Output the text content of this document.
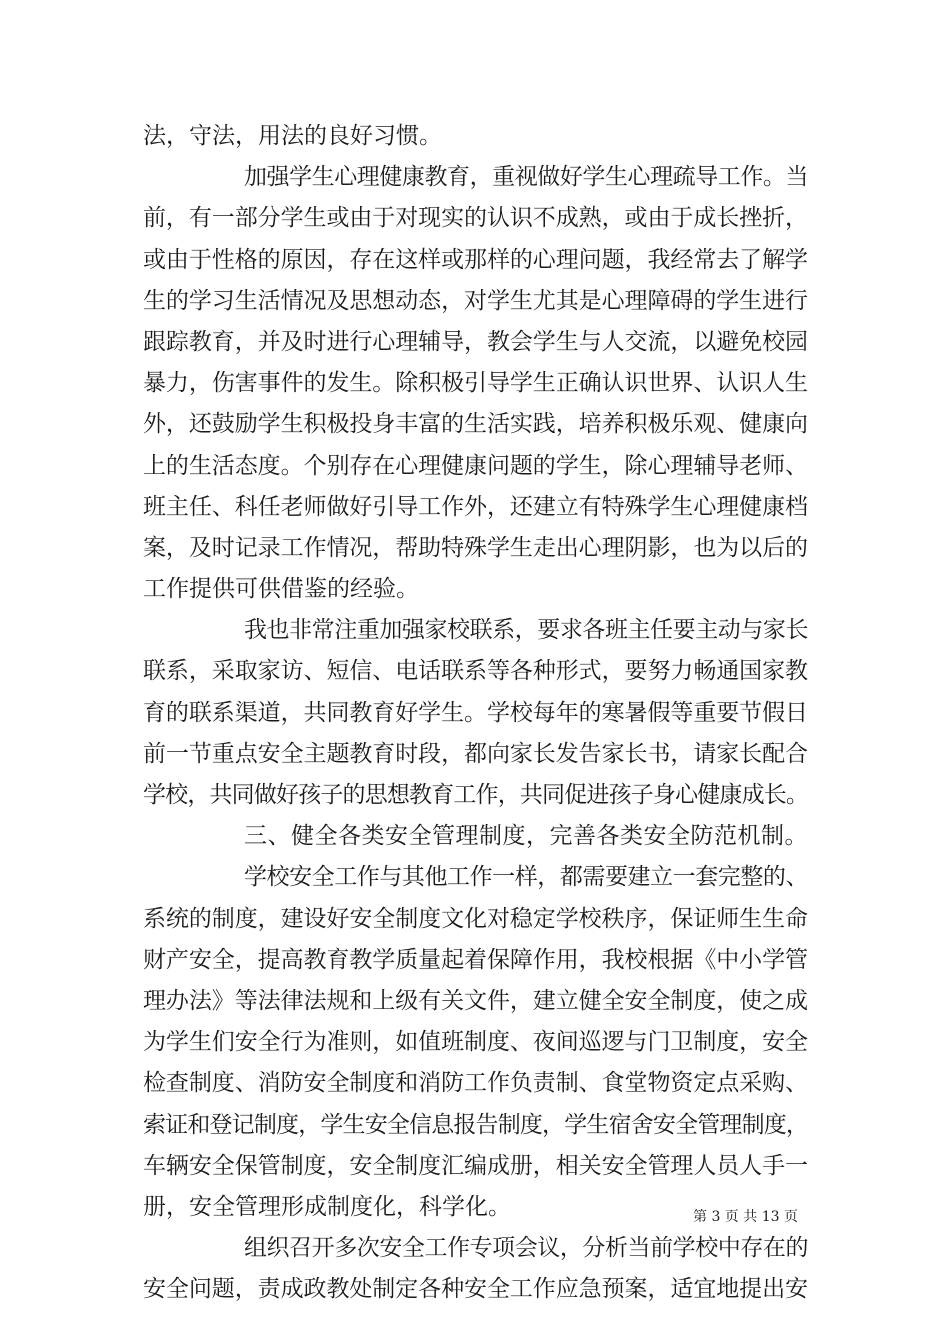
法，守法，用法的良好习惯。
加强学生心理健康教育，重视做好学生心理疏导工作。当
前，有一部分学生或由于对现实的认识不成熟，或由于成长挫折，
或由于性格的原因，存在这样或那样的心理问题，我经常去了解学
生的学习生活情况及思想动态，对学生尤其是心理障碍的学生进行
跟踪教育，并及时进行心理辅导，教会学生与人交流，以避免校园
暴力，伤害事件的发生。除积极引导学生正确认识世界、认识人生
外，还鼓励学生积极投身丰富的生活实践，培养积极乐观、健康向
上的生活态度。个别存在心理健康问题的学生，除心理辅导老师、
班主任、科任老师做好引导工作外，还建立有特殊学生心理健康档
案，及时记录工作情况，帮助特殊学生走出心理阴影，也为以后的
工作提供可供借鉴的经验。
我也非常注重加强家校联系，要求各班主任要主动与家长
联系，采取家访、短信、电话联系等各种形式，要努力畅通国家教
育的联系渠道，共同教育好学生。学校每年的寒暑假等重要节假日
前一节重点安全主题教育时段，都向家长发告家长书，请家长配合
学校，共同做好孩子的思想教育工作，共同促进孩子身心健康成长。
三、健全各类安全管理制度，完善各类安全防范机制。
学校安全工作与其他工作一样，都需要建立一套完整的、
系统的制度，建设好安全制度文化对稳定学校秩序，保证师生生命
财产安全，提高教育教学质量起着保障作用，我校根据《中小学管
理办法》等法律法规和上级有关文件，建立健全安全制度，使之成
为学生们安全行为准则，如值班制度、夜间巡逻与门卫制度，安全
检查制度、消防安全制度和消防工作负责制、食堂物资定点采购、
索证和登记制度，学生安全信息报告制度，学生宿舍安全管理制度，
车辆安全保管制度，安全制度汇编成册，相关安全管理人员人手一
册，安全管理形成制度化，科学化。
组织召开多次安全工作专项会议，分析当前学校中存在的
安全问题，责成政教处制定各种安全工作应急预案，适宜地提出安
第 3 页 共 13 页
